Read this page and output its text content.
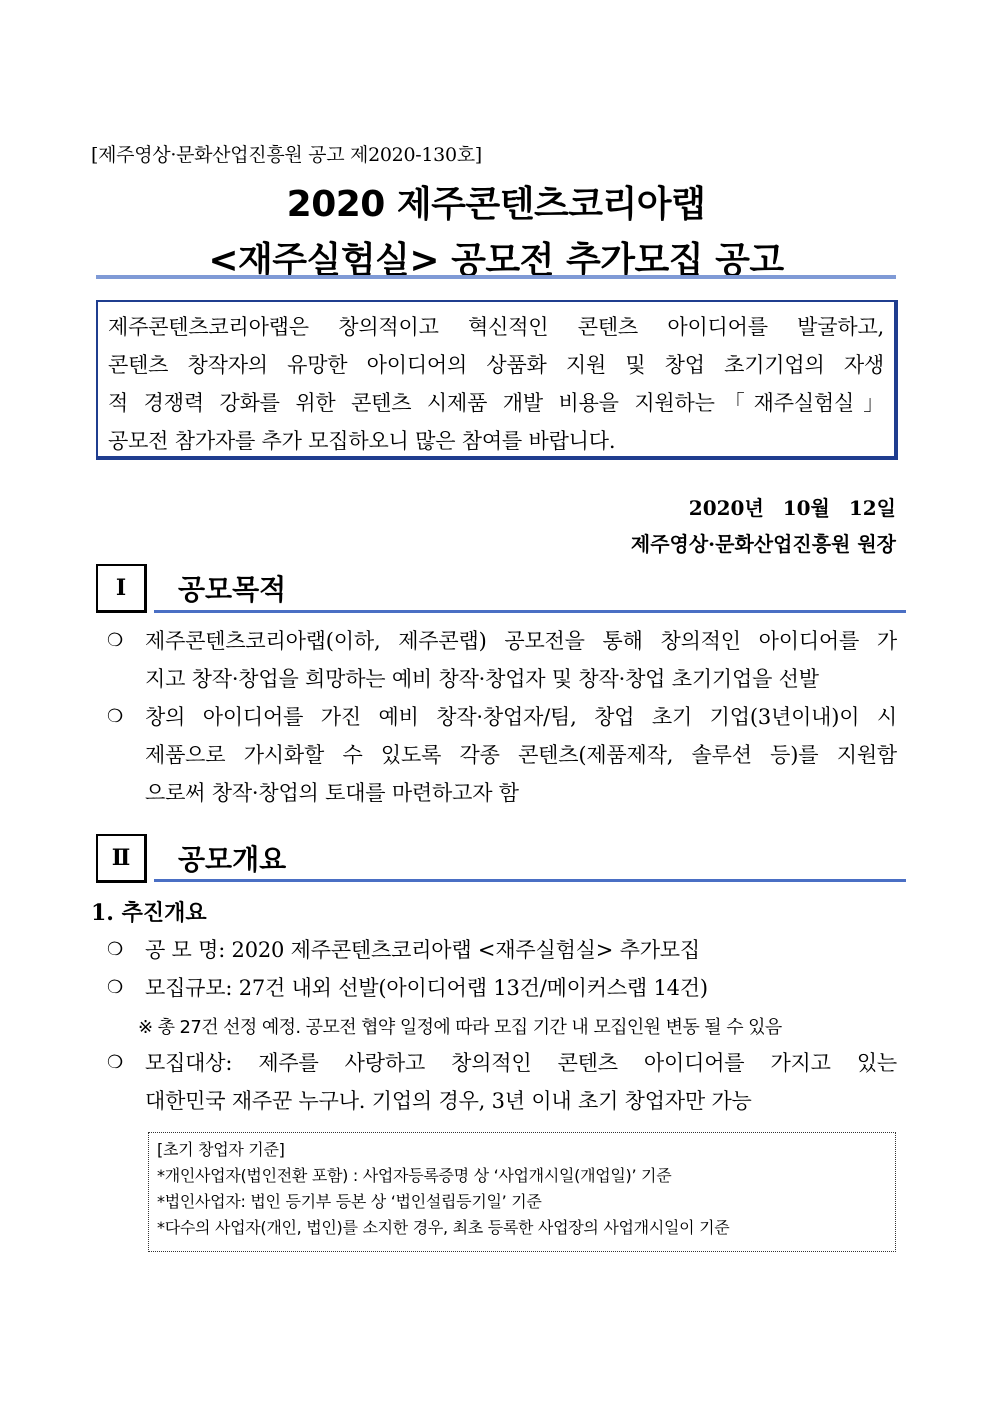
[제주영상·문화산업진흥원 공고 제2020-130호]
2020 제주콘텐츠코리아랩
<재주실험실> 공모전 추가모집 공고

제주콘텐츠코리아랩은 창의적이고 혁신적인 콘텐츠 아이디어를 발굴하고,

콘텐츠 창작자의 유망한 아이디어의 상품화 지원 및 창업 초기기업의 자생

적 경쟁력 강화를 위한 콘텐츠 시제품 개발 비용을 지원하는「재주실험실」

공모전 참가자를 추가 모집하오니 많은 참여를 바랍니다.

2020년 10월 12일
제주영상·문화산업진흥원 원장
Ⅰ	공모목적
❍	제주콘텐츠코리아랩(이하, 제주콘랩) 공모전을 통해 창의적인 아이디어를 가
지고 창작·창업을 희망하는 예비 창작·창업자 및 창작·창업 초기기업을 선발
❍	창의 아이디어를 가진 예비 창작·창업자/팀, 창업 초기 기업(3년이내)이 시
제품으로 가시화할 수 있도록 각종 콘텐츠(제품제작, 솔루션 등)를 지원함
으로써 창작·창업의 토대를 마련하고자 함
Ⅱ	공모개요
1. 추진개요
❍	공 모 명: 2020 제주콘텐츠코리아랩 <재주실험실> 추가모집
❍	모집규모: 27건 내외 선발(아이디어랩 13건/메이커스랩 14건)
※ 총 27건 선정 예정. 공모전 협약 일정에 따라 모집 기간 내 모집인원 변동 될 수 있음
❍	모집대상: 제주를 사랑하고 창의적인 콘텐츠 아이디어를 가지고 있는
대한민국 재주꾼 누구나. 기업의 경우, 3년 이내 초기 창업자만 가능
[초기 창업자 기준]
*개인사업자(법인전환 포함) : 사업자등록증명 상 ‘사업개시일(개업일)’ 기준
*법인사업자: 법인 등기부 등본 상 ‘법인설립등기일’ 기준
*다수의 사업자(개인, 법인)를 소지한 경우, 최초 등록한 사업장의 사업개시일이 기준
